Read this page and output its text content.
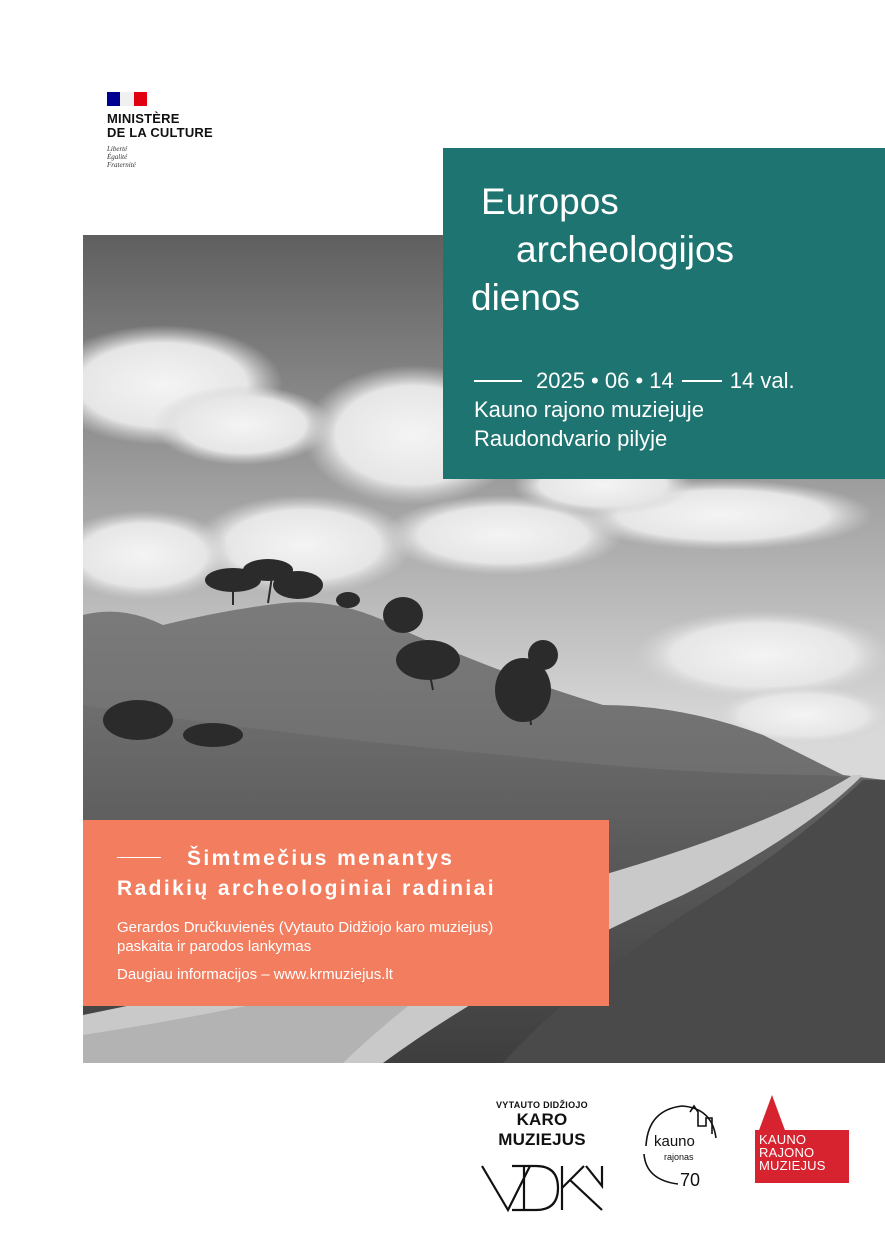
MINISTÈRE
DE LA CULTURE
Liberté
Égalité
Fraternité
Europos
archeologijos
dienos
2025 • 06 • 14	14 val.
Kauno rajono muziejuje
Raudondvario pilyje
Šimtmečius menantys
Radikių archeologiniai radiniai
Gerardos Dručkuvienės (Vytauto Didžiojo karo muziejus)
paskaita ir parodos lankymas
Daugiau informacijos – www.krmuziejus.lt
VYTAUTO DIDŽIOJO
KARO MUZIEJUS	kauno
rajonas
70
KAUNO
RAJONO
MUZIEJUS
